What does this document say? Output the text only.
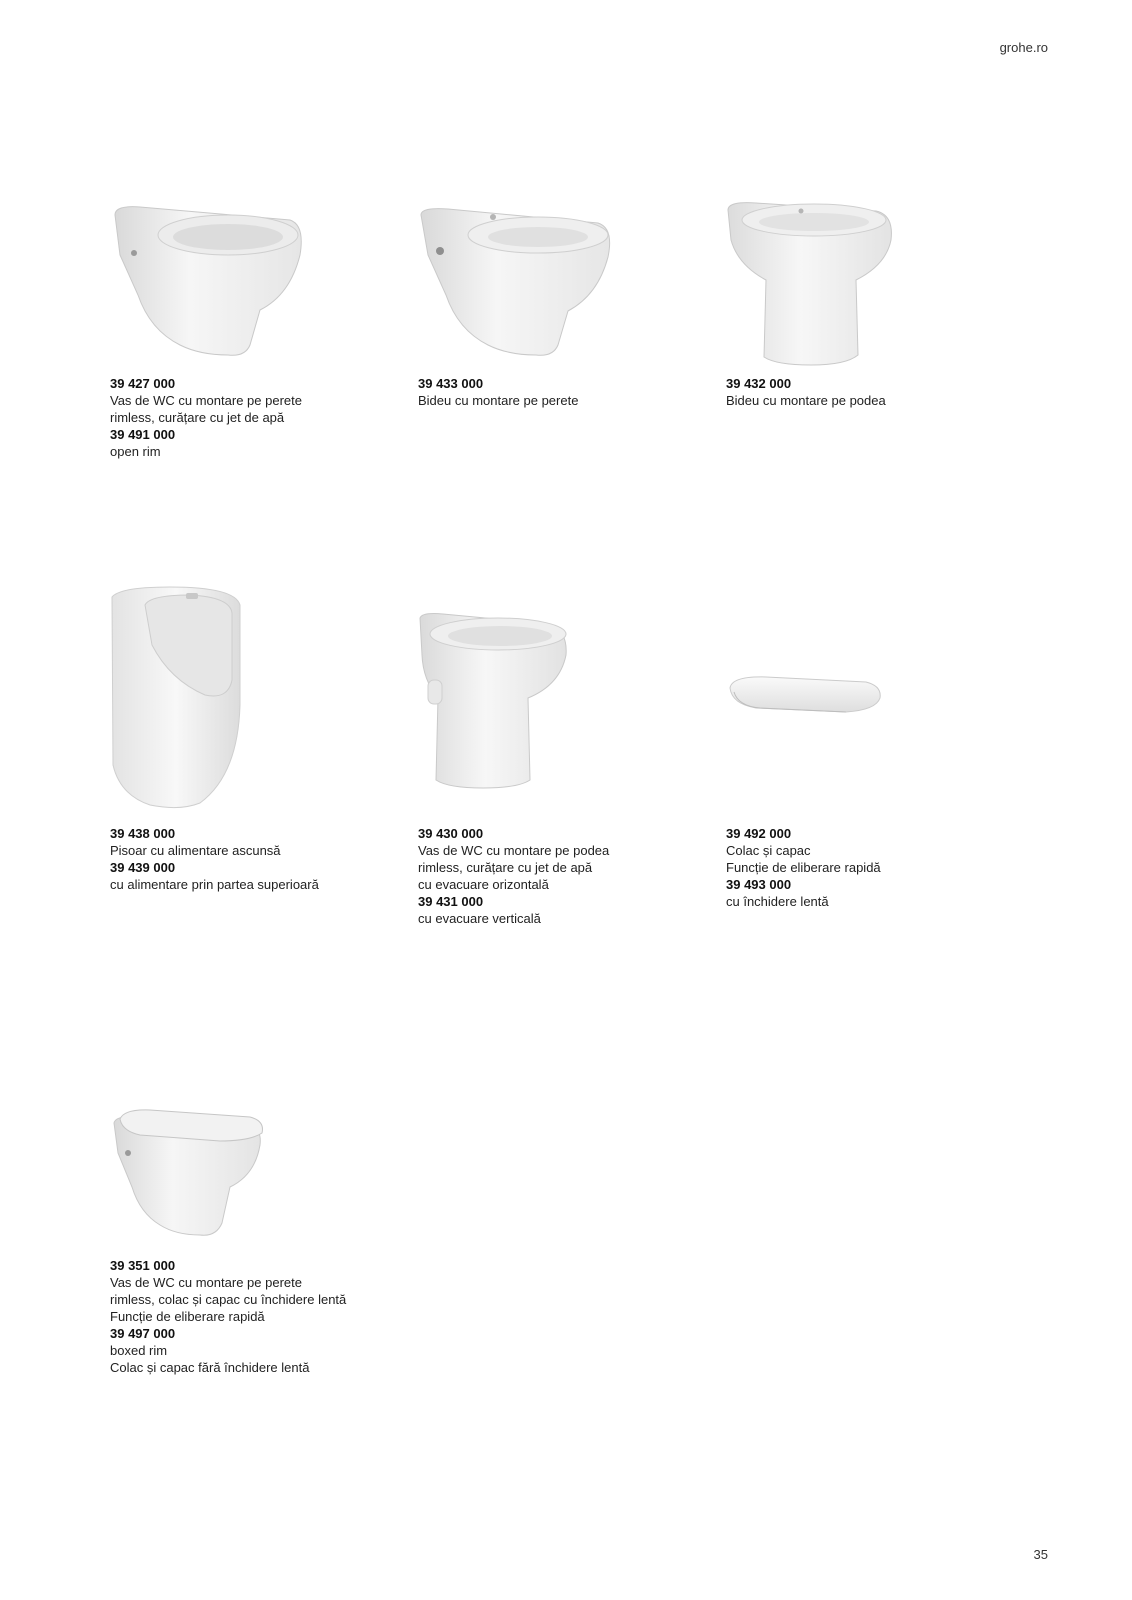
grohe.ro
39 427 000
Vas de WC cu montare pe perete
rimless, curățare cu jet de apă
39 491 000
open rim
39 433 000
Bideu cu montare pe perete
39 432 000
Bideu cu montare pe podea
39 438 000
Pisoar cu alimentare ascunsă
39 439 000
cu alimentare prin partea superioară
39 430 000
Vas de WC cu montare pe podea
rimless, curățare cu jet de apă
cu evacuare orizontală
39 431 000
cu evacuare verticală
39 492 000
Colac și capac
Funcție de eliberare rapidă
39 493 000
cu închidere lentă
39 351 000
Vas de WC cu montare pe perete
rimless, colac și capac cu închidere lentă
Funcție de eliberare rapidă
39 497 000
boxed rim
Colac și capac fără închidere lentă
35
